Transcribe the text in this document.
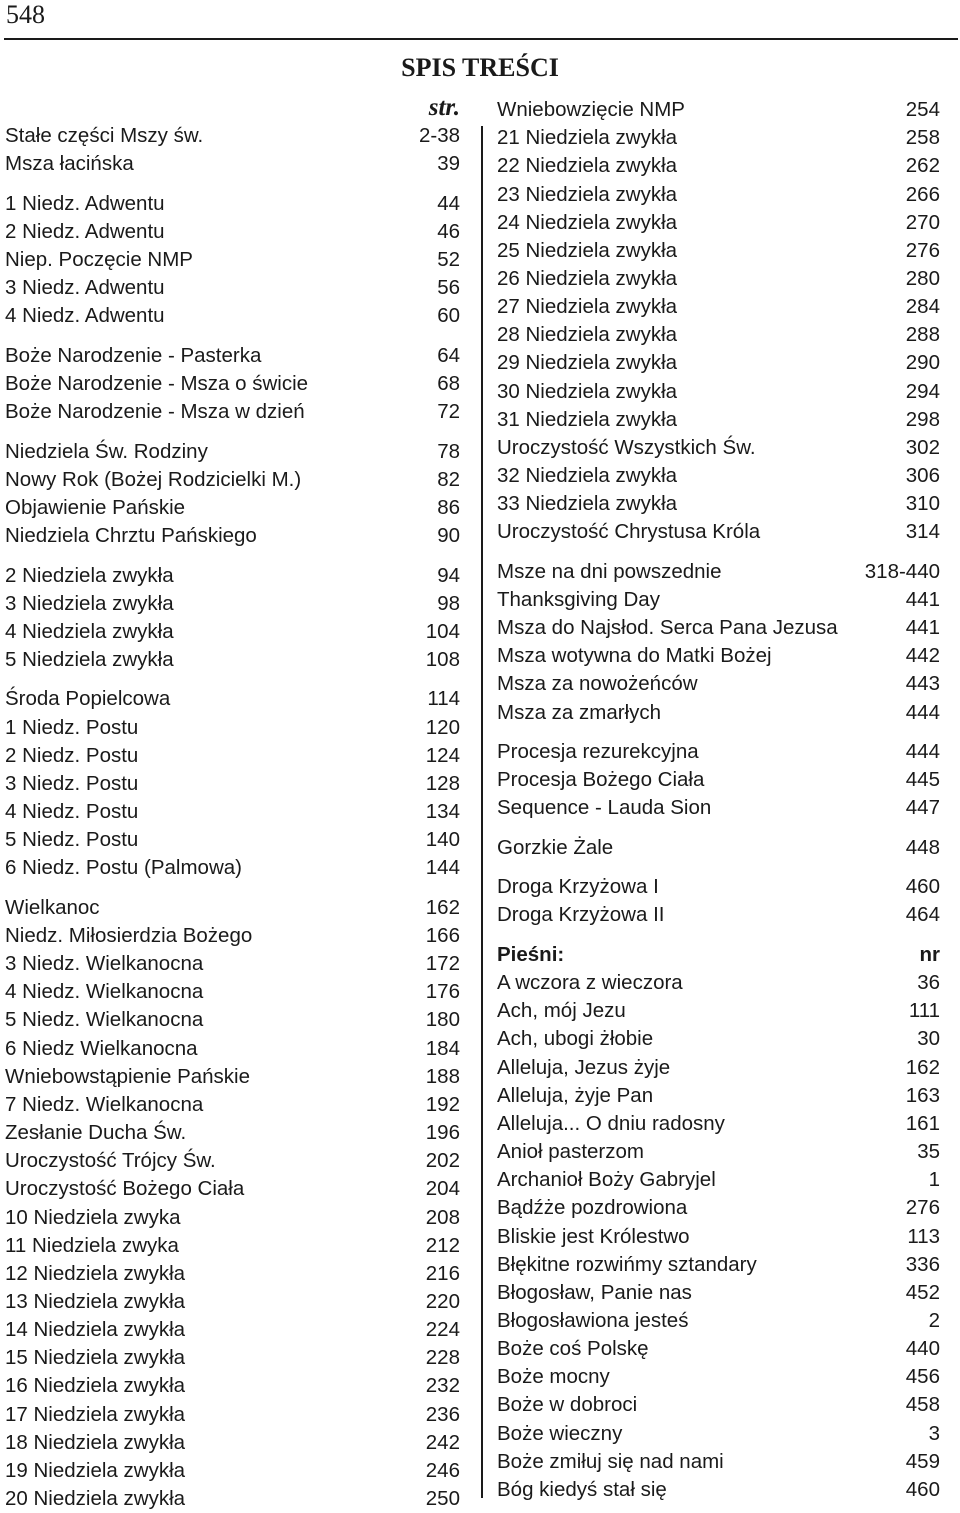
548
SPIS TREŚCI
str.
Stałe części Mszy św.	2-38
Msza łacińska	39
1 Niedz. Adwentu	44
2 Niedz. Adwentu	46
Niep. Poczęcie NMP	52
3 Niedz. Adwentu	56
4 Niedz. Adwentu	60
Boże Narodzenie - Pasterka	64
Boże Narodzenie - Msza o świcie	68
Boże Narodzenie - Msza w dzień	72
Niedziela Św. Rodziny	78
Nowy Rok (Bożej Rodzicielki M.)	82
Objawienie Pańskie	86
Niedziela Chrztu Pańskiego	90
2 Niedziela zwykła	94
3 Niedziela zwykła	98
4 Niedziela zwykła	104
5 Niedziela zwykła	108
Środa Popielcowa	114
1 Niedz. Postu	120
2 Niedz. Postu	124
3 Niedz. Postu	128
4 Niedz. Postu	134
5 Niedz. Postu	140
6 Niedz. Postu (Palmowa)	144
Wielkanoc	162
Niedz. Miłosierdzia Bożego	166
3 Niedz. Wielkanocna	172
4 Niedz. Wielkanocna	176
5 Niedz. Wielkanocna	180
6 Niedz Wielkanocna	184
Wniebowstąpienie Pańskie	188
7 Niedz. Wielkanocna	192
Zesłanie Ducha Św.	196
Uroczystość Trójcy Św.	202
Uroczystość Bożego Ciała	204
10 Niedziela zwyka	208
11 Niedziela zwyka	212
12 Niedziela zwykła	216
13 Niedziela zwykła	220
14 Niedziela zwykła	224
15 Niedziela zwykła	228
16 Niedziela zwykła	232
17 Niedziela zwykła	236
18 Niedziela zwykła	242
19 Niedziela zwykła	246
20 Niedziela zwykła	250
Wniebowzięcie NMP	254
21 Niedziela zwykła	258
22 Niedziela zwykła	262
23 Niedziela zwykła	266
24 Niedziela zwykła	270
25 Niedziela zwykła	276
26 Niedziela zwykła	280
27 Niedziela zwykła	284
28 Niedziela zwykła	288
29 Niedziela zwykła	290
30 Niedziela zwykła	294
31 Niedziela zwykła	298
Uroczystość Wszystkich Św.	302
32 Niedziela zwykła	306
33 Niedziela zwykła	310
Uroczystość Chrystusa Króla	314
Msze na dni powszednie	318-440
Thanksgiving Day	441
Msza do Najsłod. Serca Pana Jezusa	441
Msza wotywna do Matki Bożej	442
Msza za nowożeńców	443
Msza za zmarłych	444
Procesja rezurekcyjna	444
Procesja Bożego Ciała	445
Sequence - Lauda Sion	447
Gorzkie Żale	448
Droga Krzyżowa I	460
Droga Krzyżowa II	464
Pieśni:	nr
A wczora z wieczora	36
Ach, mój Jezu	111
Ach, ubogi żłobie	30
Alleluja, Jezus żyje	162
Alleluja, żyje Pan	163
Alleluja... O dniu radosny	161
Anioł pasterzom	35
Archanioł Boży Gabryjel	1
Bądźże pozdrowiona	276
Bliskie jest Królestwo	113
Błękitne rozwińmy sztandary	336
Błogosław, Panie nas	452
Błogosławiona jesteś	2
Boże coś Polskę	440
Boże mocny	456
Boże w dobroci	458
Boże wieczny	3
Boże zmiłuj się nad nami	459
Bóg kiedyś stał się	460
